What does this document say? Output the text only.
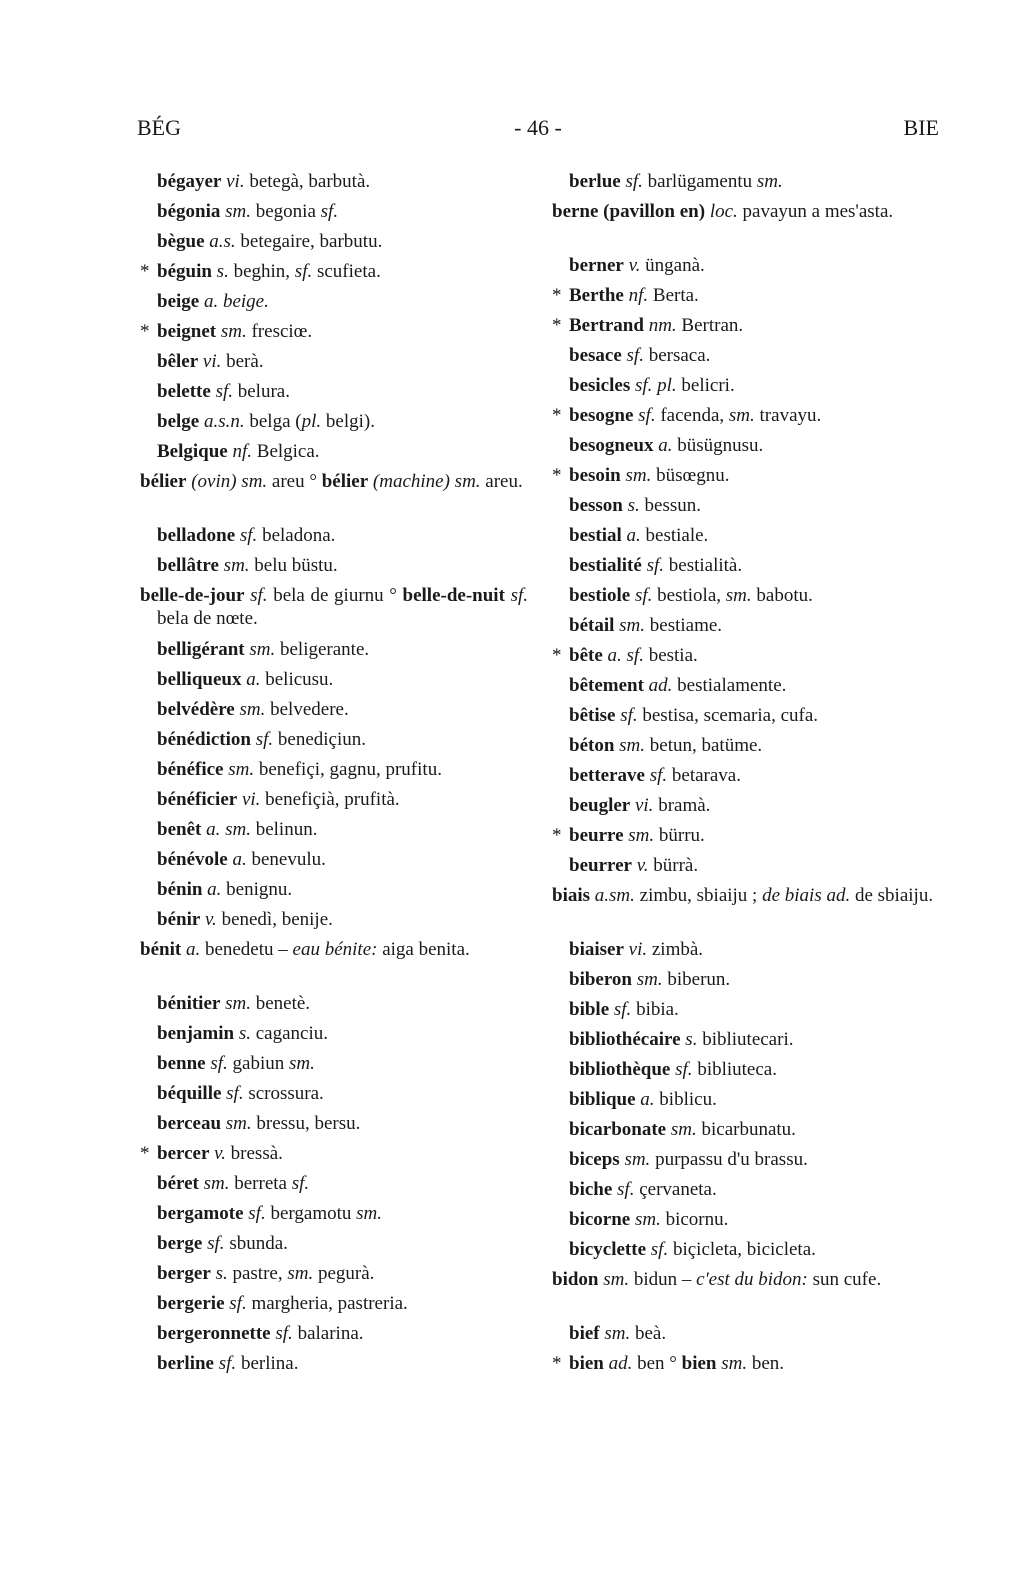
BÉG	- 46 -	BIE
bégayer vi. betegà, barbutà.
bégonia sm. begonia sf.
bègue a.s. betegaire, barbutu.
* béguin s. beghin, sf. scufieta.
beige a. beige.
* beignet sm. fresciœ.
bêler vi. berà.
belette sf. belura.
belge a.s.n. belga (pl. belgi).
Belgique nf. Belgica.
bélier (ovin) sm. areu ° bélier (machine) sm. areu.
belladone sf. beladona.
bellâtre sm. belu büstu.
belle-de-jour sf. bela de giurnu ° belle-de-nuit sf. bela de nœte.
belligérant sm. beligerante.
belliqueux a. belicusu.
belvédère sm. belvedere.
bénédiction sf. benediçiun.
bénéfice sm. benefiçi, gagnu, prufitu.
bénéficier vi. benefiçià, prufità.
benêt a. sm. belinun.
bénévole a. benevulu.
bénin a. benignu.
bénir v. benedì, benije.
bénit a. benedetu – eau bénite: aiga benita.
bénitier sm. benetè.
benjamin s. caganciu.
benne sf. gabiun sm.
béquille sf. scrossura.
berceau sm. bressu, bersu.
* bercer v. bressà.
béret sm. berreta sf.
bergamote sf. bergamotu sm.
berge sf. sbunda.
berger s. pastre, sm. pegurà.
bergerie sf. margheria, pastreria.
bergeronnette sf. balarina.
berline sf. berlina.
berlue sf. barlügamentu sm.
berne (pavillon en) loc. pavayun a mes'asta.
berner v. ünganà.
* Berthe nf. Berta.
* Bertrand nm. Bertran.
besace sf. bersaca.
besicles sf. pl. belicri.
* besogne sf. facenda, sm. travayu.
besogneux a. büsügnusu.
* besoin sm. büsœgnu.
besson s. bessun.
bestial a. bestiale.
bestialité sf. bestialità.
bestiole sf. bestiola, sm. babotu.
bétail sm. bestiame.
* bête a. sf. bestia.
bêtement ad. bestialamente.
bêtise sf. bestisa, scemaria, cufa.
béton sm. betun, batüme.
betterave sf. betarava.
beugler vi. bramà.
* beurre sm. bürru.
beurrer v. bürrà.
biais a.sm. zimbu, sbiaiju ; de biais ad. de sbiaiju.
biaiser vi. zimbà.
biberon sm. biberun.
bible sf. bibia.
bibliothécaire s. bibliutecari.
bibliothèque sf. bibliuteca.
biblique a. biblicu.
bicarbonate sm. bicarbunatu.
biceps sm. purpassu d'u brassu.
biche sf. çervaneta.
bicorne sm. bicornu.
bicyclette sf. biçicleta, bicicleta.
bidon sm. bidun – c'est du bidon: sun cufe.
bief sm. beà.
* bien ad. ben ° bien sm. ben.
